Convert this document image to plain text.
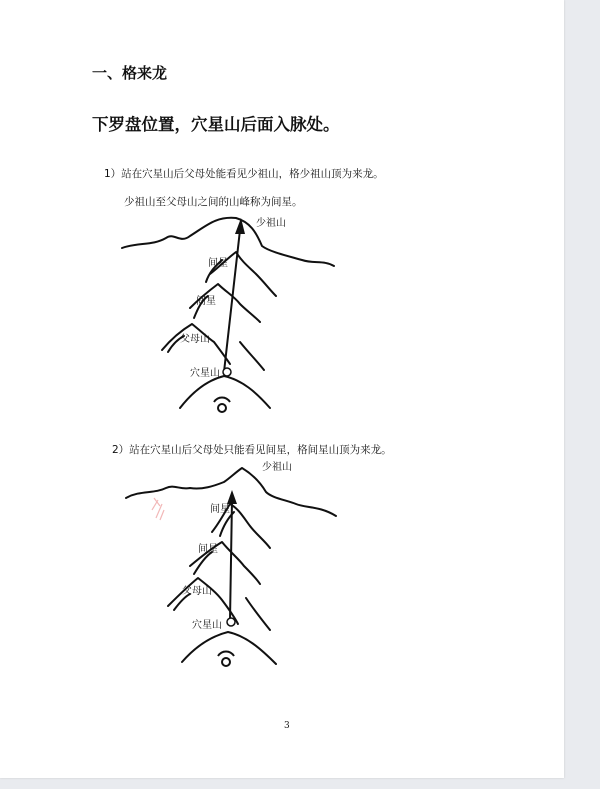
一、格来龙
下罗盘位置，穴星山后面入脉处。
1）站在穴星山后父母处能看见少祖山，格少祖山顶为来龙。
少祖山至父母山之间的山峰称为间星。
少祖山
间星
间星
父母山
穴星山
2）站在穴星山后父母处只能看见间星，格间星山顶为来龙。
少祖山
间星
间星
父母山
穴星山
3
